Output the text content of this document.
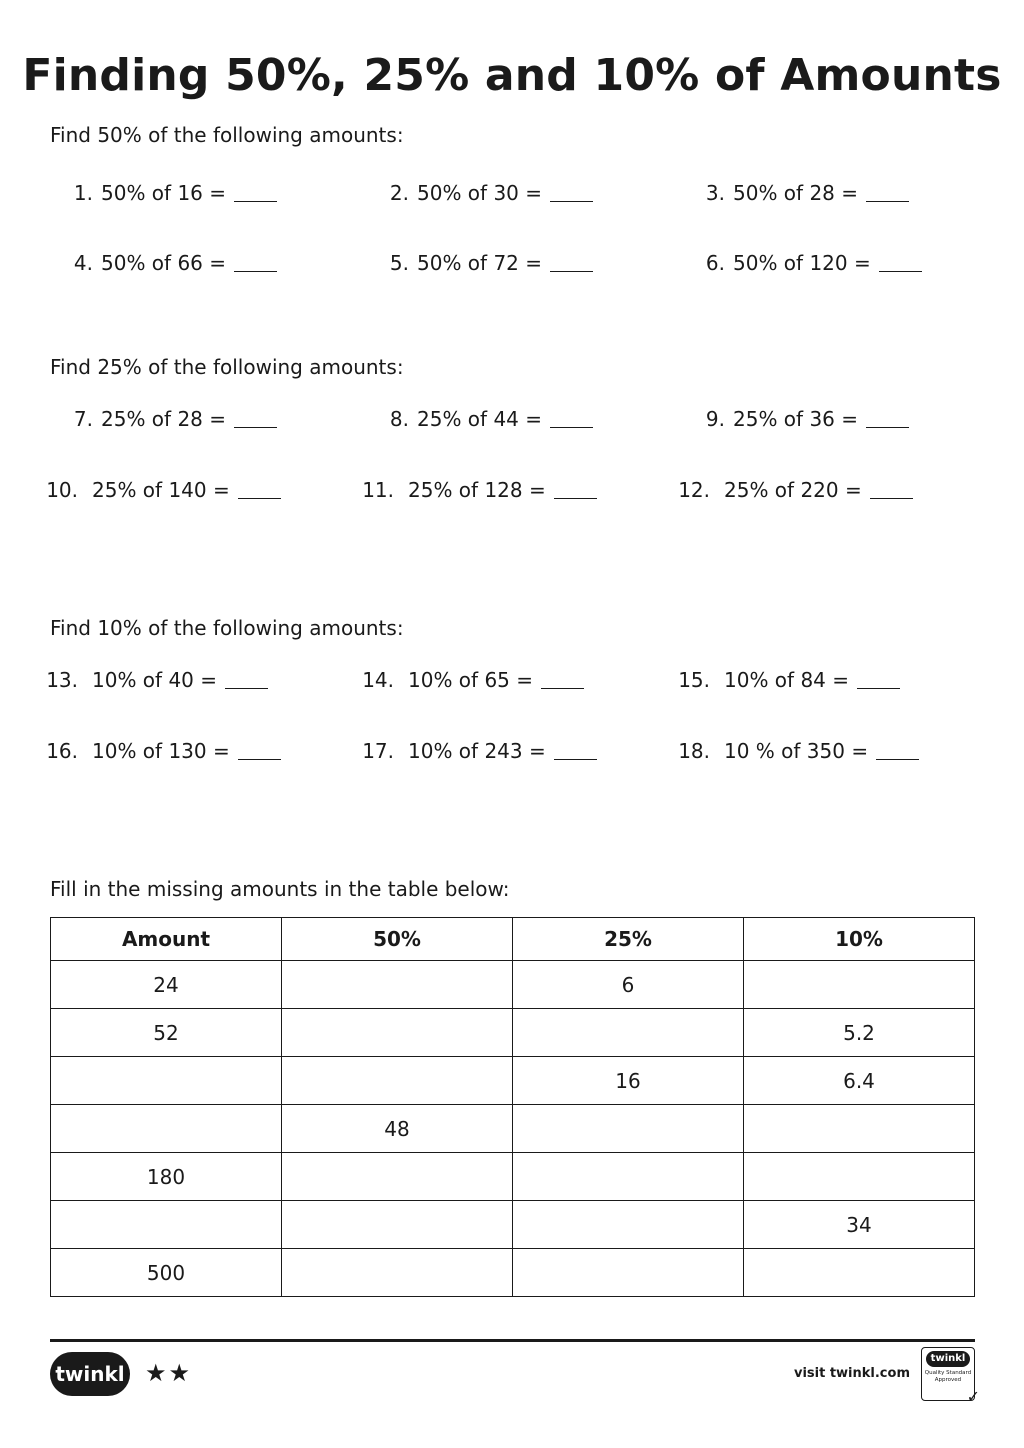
Finding 50%, 25% and 10% of Amounts

Find 50% of the following amounts:

1. 50% of 16 =	2. 50% of 30 =	3. 50% of 28 =
4. 50% of 66 =	5. 50% of 72 =	6. 50% of 120 =

Find 25% of the following amounts:

7. 25% of 28 =	8. 25% of 44 =	9. 25% of 36 =
10. 25% of 140 =	11. 25% of 128 =	12. 25% of 220 =

Find 10% of the following amounts:

13. 10% of 40 =	14. 10% of 65 =	15. 10% of 84 =
16. 10% of 130 =	17. 10% of 243 =	18. 10 % of 350 =

Fill in the missing amounts in the table below:

Amount	50%	25%	10%
24		6	
52			5.2
		16	6.4
	48		
180			
			34
500			
twinkl ★★	visit twinkl.com
twinkl
Quality Standard Approved
✓
